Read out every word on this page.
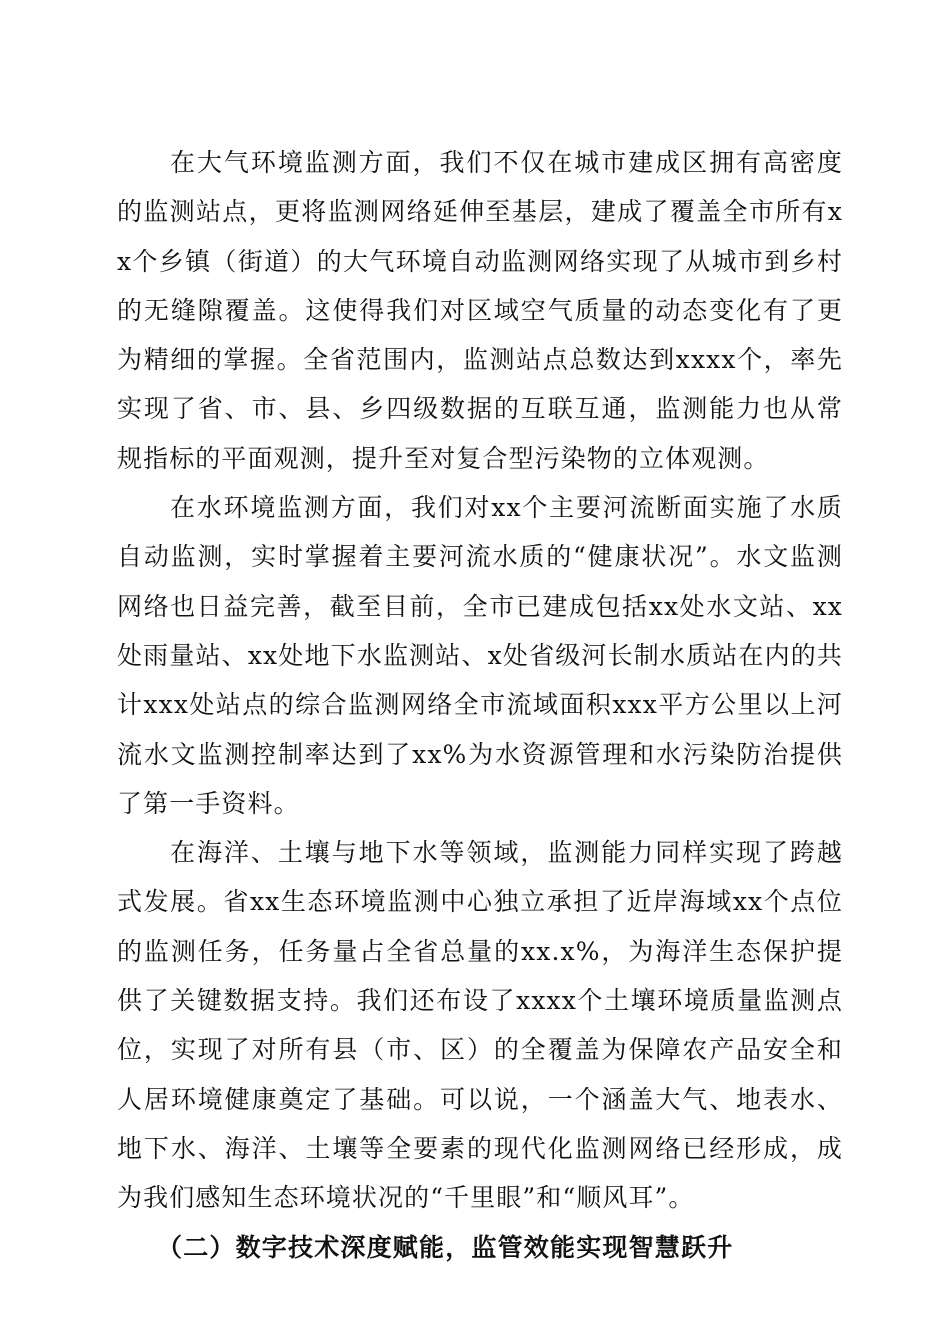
在大气环境监测方面，我们不仅在城市建成区拥有高密度的监测站点，更将监测网络延伸至基层，建成了覆盖全市所有xx个乡镇（街道）的大气环境自动监测网络实现了从城市到乡村的无缝隙覆盖。这使得我们对区域空气质量的动态变化有了更为精细的掌握。全省范围内，监测站点总数达到xxxx个，率先实现了省、市、县、乡四级数据的互联互通，监测能力也从常规指标的平面观测，提升至对复合型污染物的立体观测。

在水环境监测方面，我们对xx个主要河流断面实施了水质自动监测，实时掌握着主要河流水质的“健康状况”。水文监测网络也日益完善，截至目前，全市已建成包括xx处水文站、xx处雨量站、xx处地下水监测站、x处省级河长制水质站在内的共计xxx处站点的综合监测网络全市流域面积xxx平方公里以上河流水文监测控制率达到了xx%为水资源管理和水污染防治提供了第一手资料。

在海洋、土壤与地下水等领域，监测能力同样实现了跨越式发展。省xx生态环境监测中心独立承担了近岸海域xx个点位的监测任务，任务量占全省总量的xx.x%，为海洋生态保护提供了关键数据支持。我们还布设了xxxx个土壤环境质量监测点位，实现了对所有县（市、区）的全覆盖为保障农产品安全和人居环境健康奠定了基础。可以说，一个涵盖大气、地表水、地下水、海洋、土壤等全要素的现代化监测网络已经形成，成为我们感知生态环境状况的“千里眼”和“顺风耳”。

（二）数字技术深度赋能，监管效能实现智慧跃升
